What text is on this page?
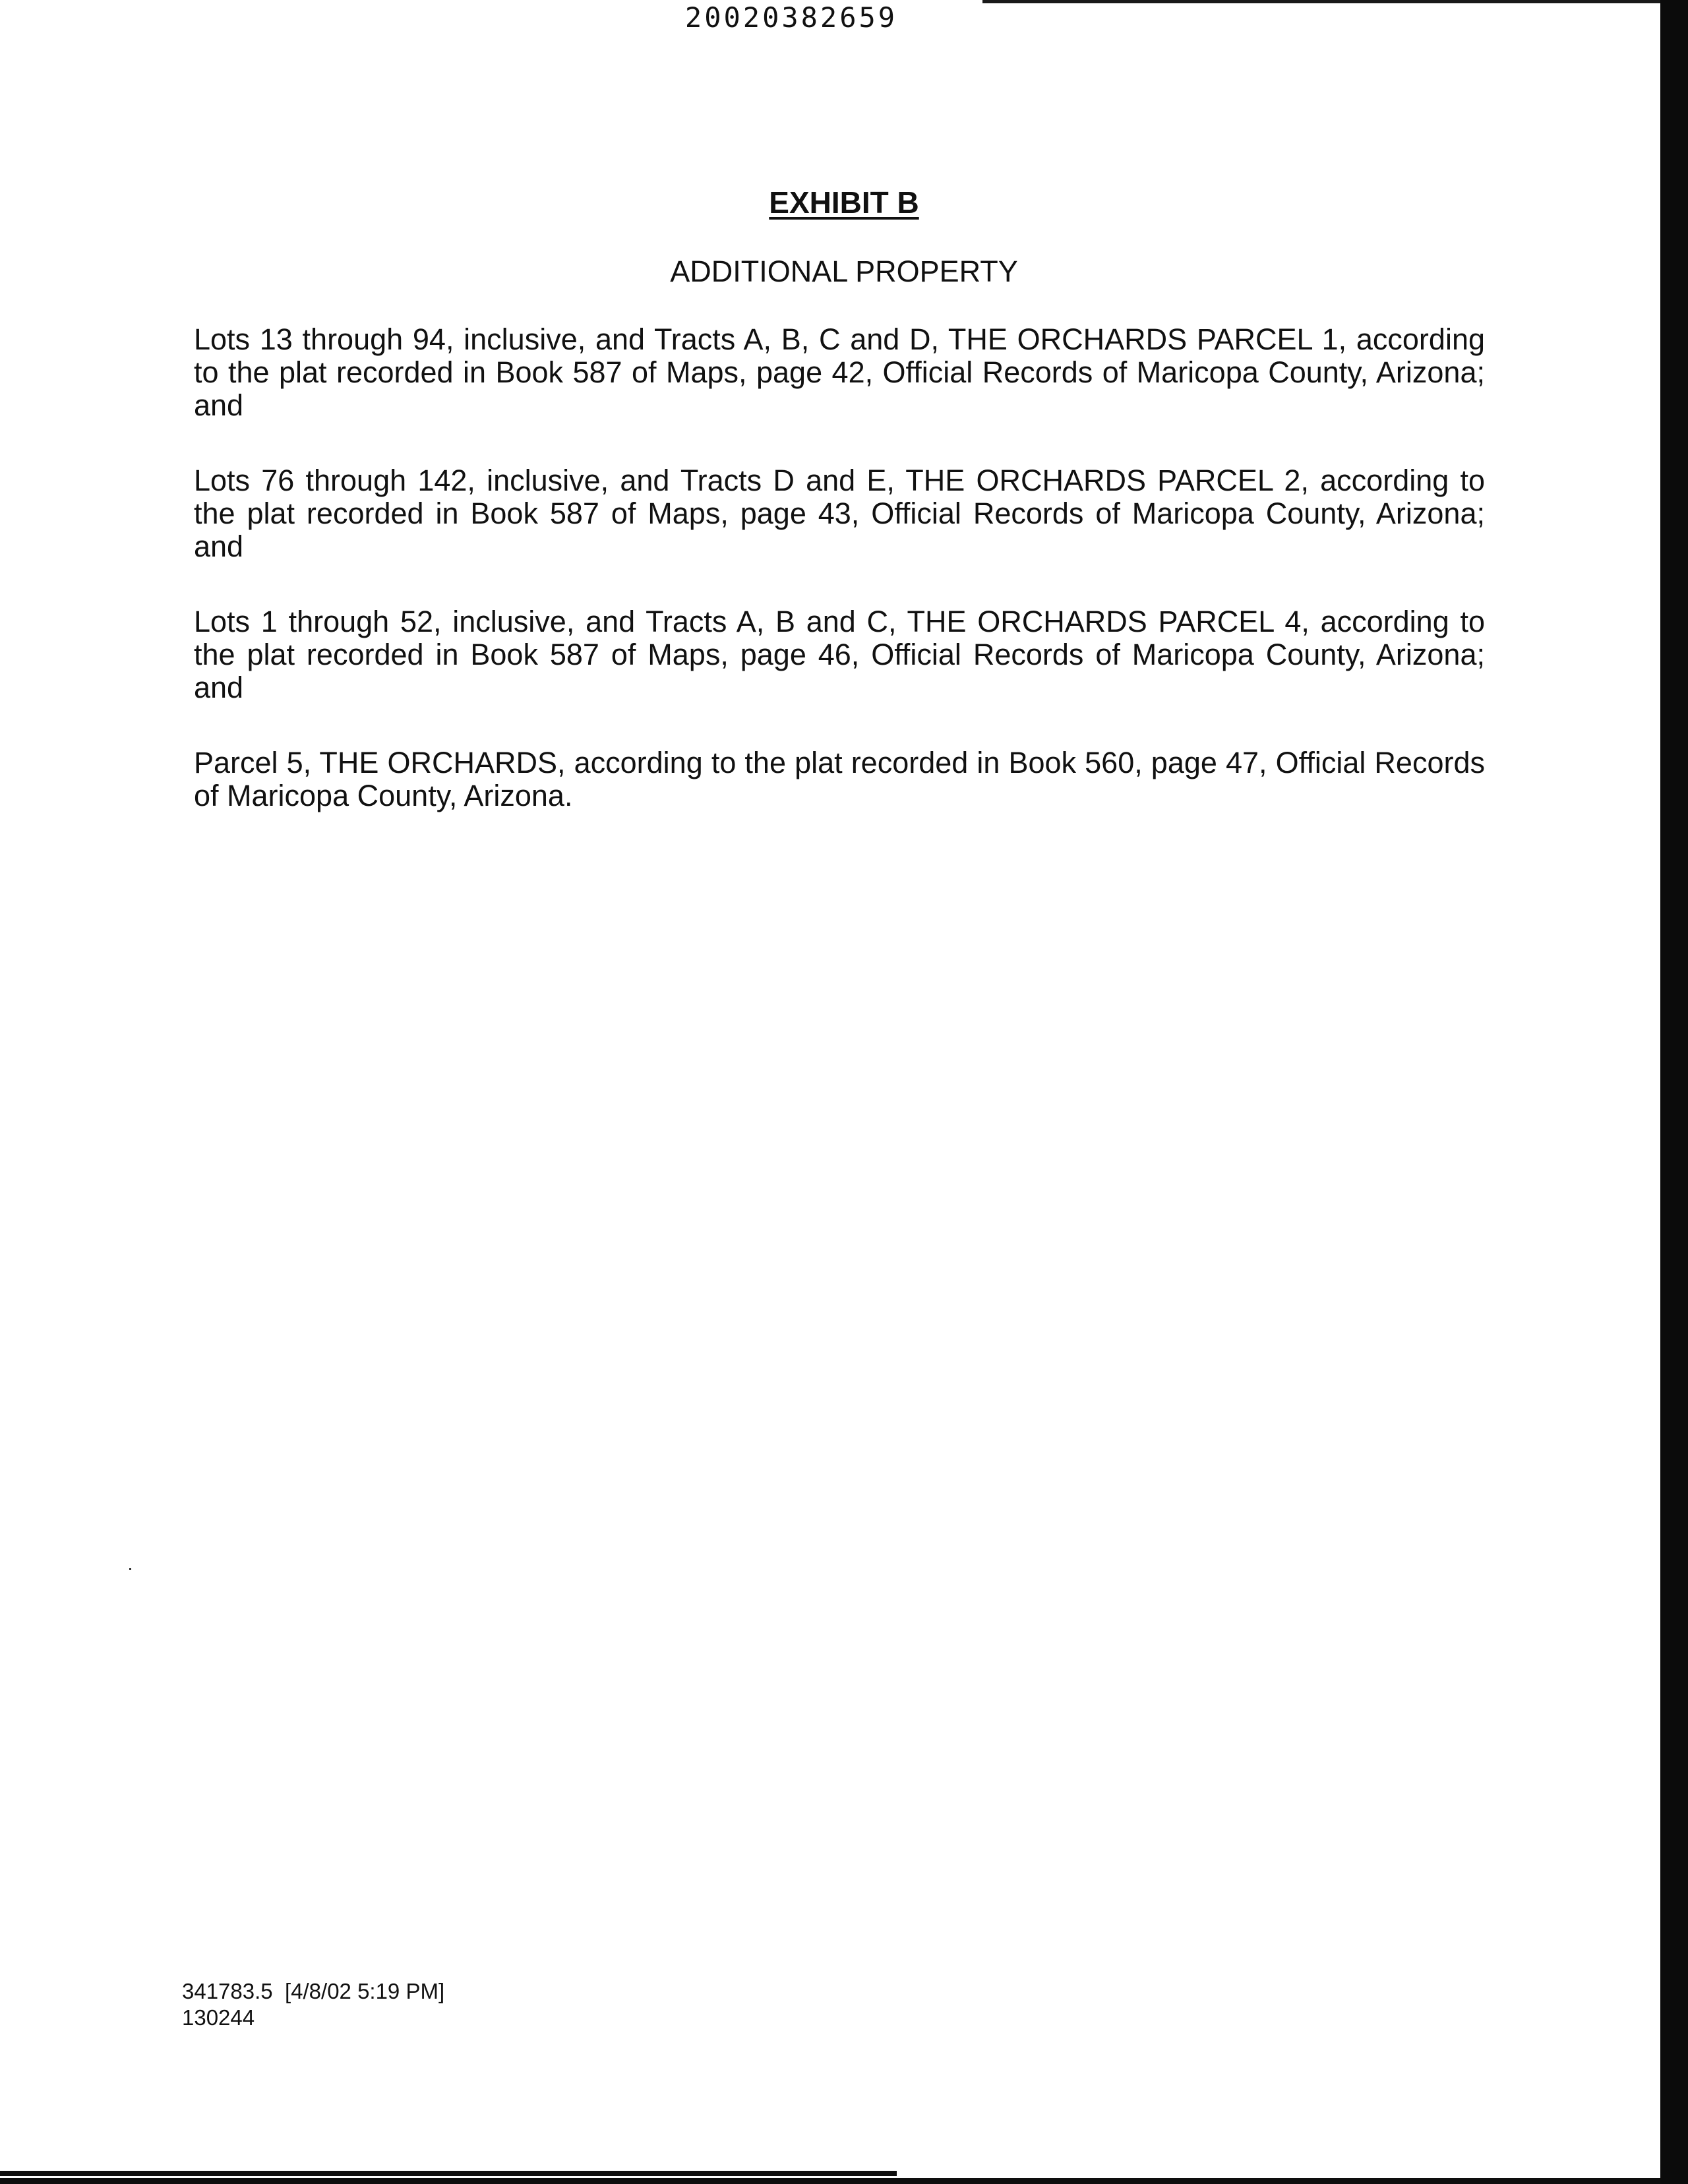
20020382659
EXHIBIT B
ADDITIONAL PROPERTY

Lots 13 through 94, inclusive, and Tracts A, B, C and D, THE ORCHARDS PARCEL 1, according to the plat recorded in Book 587 of Maps, page 42, Official Records of Maricopa County, Arizona; and

Lots 76 through 142, inclusive, and Tracts D and E, THE ORCHARDS PARCEL 2, according to the plat recorded in Book 587 of Maps, page 43, Official Records of Maricopa County, Arizona; and

Lots 1 through 52, inclusive, and Tracts A, B and C, THE ORCHARDS PARCEL 4, according to the plat recorded in Book 587 of Maps, page 46, Official Records of Maricopa County, Arizona; and

Parcel 5, THE ORCHARDS, according to the plat recorded in Book 560, page 47, Official Records of Maricopa County, Arizona.

341783.5  [4/8/02 5:19 PM]
130244
